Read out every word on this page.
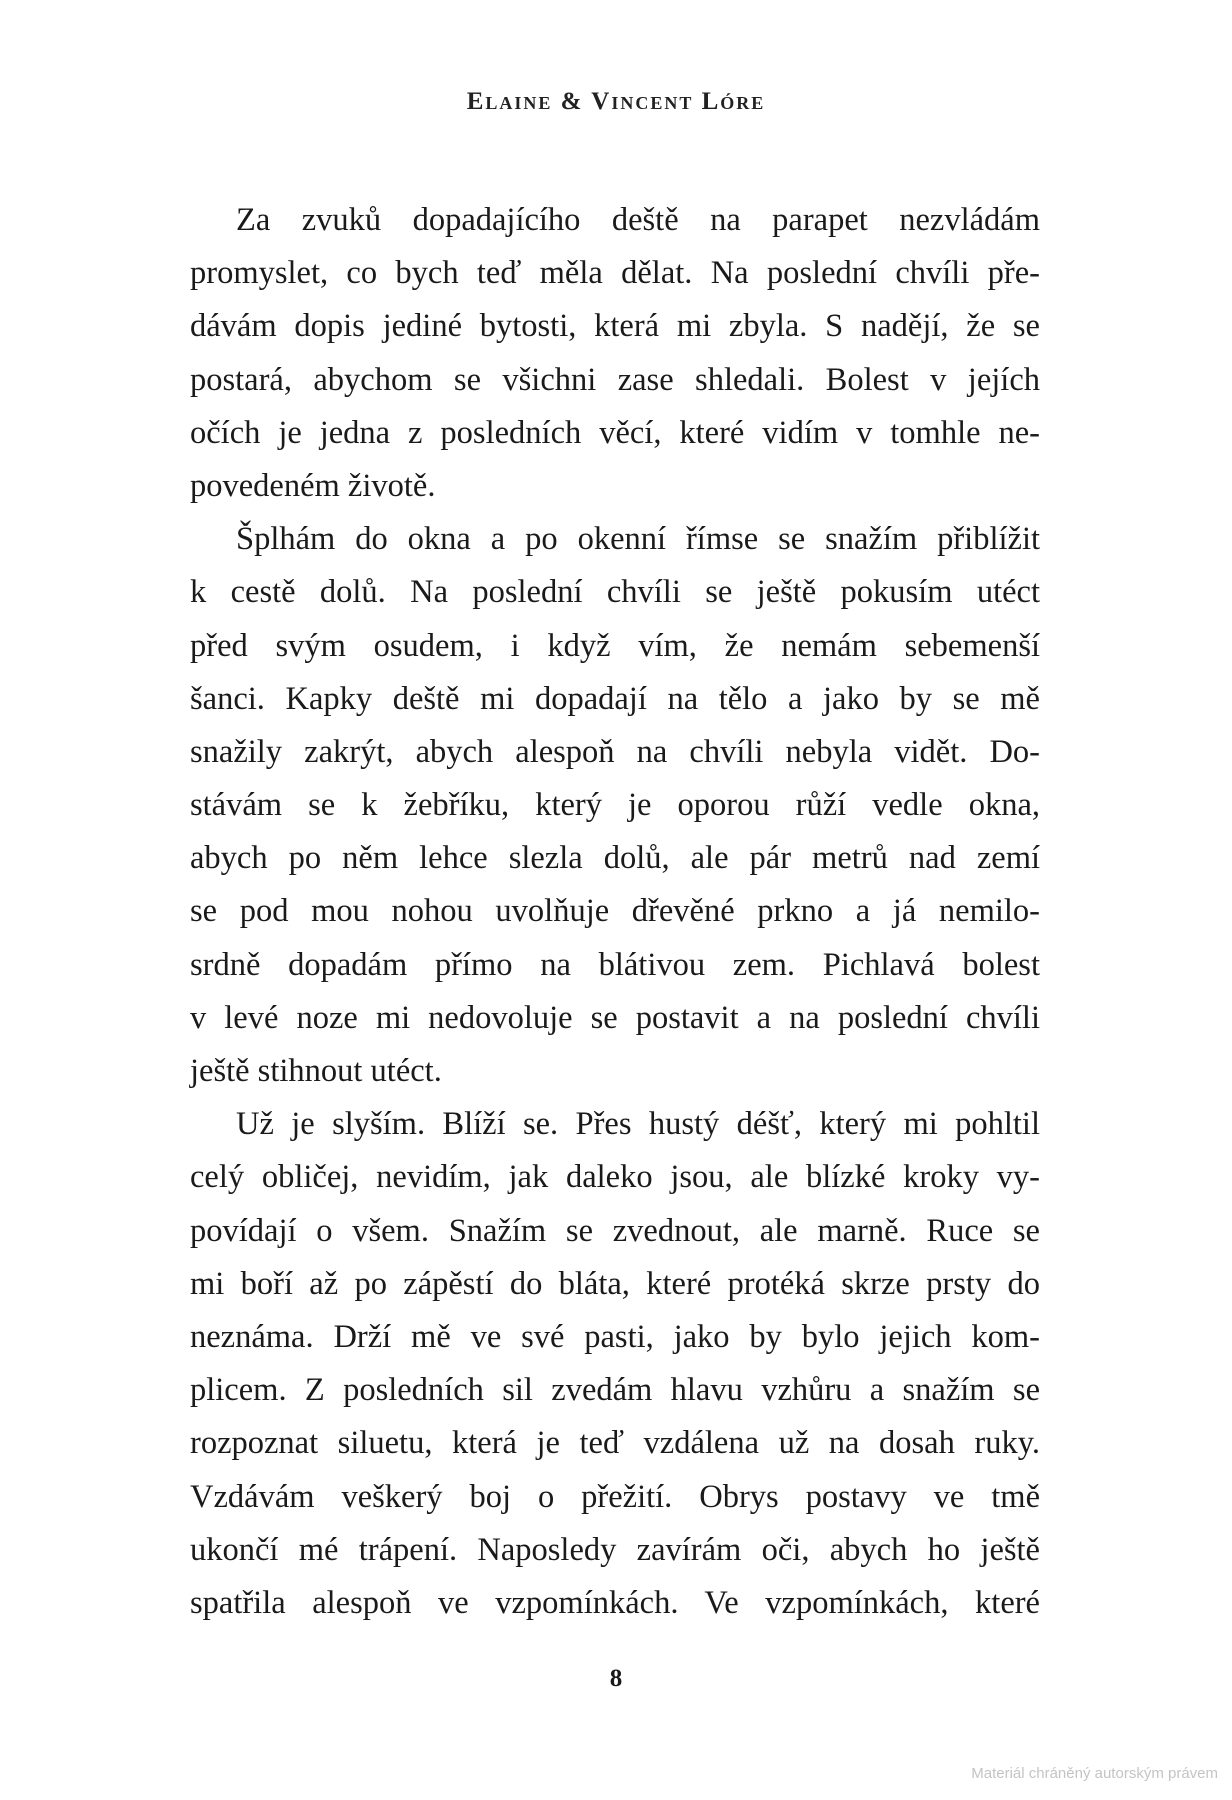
Elaine & Vincent Lóre
Za zvuků dopadajícího deště na parapet nezvládám
promyslet, co bych teď měla dělat. Na poslední chvíli pře-
dávám dopis jediné bytosti, která mi zbyla. S nadějí, že se
postará, abychom se všichni zase shledali. Bolest v jejích
očích je jedna z posledních věcí, které vidím v tomhle ne-
povedeném životě.
Šplhám do okna a po okenní římse se snažím přiblížit
k cestě dolů. Na poslední chvíli se ještě pokusím utéct
před svým osudem, i když vím, že nemám sebemenší
šanci. Kapky deště mi dopadají na tělo a jako by se mě
snažily zakrýt, abych alespoň na chvíli nebyla vidět. Do-
stávám se k žebříku, který je oporou růží vedle okna,
abych po něm lehce slezla dolů, ale pár metrů nad zemí
se pod mou nohou uvolňuje dřevěné prkno a já nemilo-
srdně dopadám přímo na blátivou zem. Pichlavá bolest
v levé noze mi nedovoluje se postavit a na poslední chvíli
ještě stihnout utéct.
Už je slyším. Blíží se. Přes hustý déšť, který mi pohltil
celý obličej, nevidím, jak daleko jsou, ale blízké kroky vy-
povídají o všem. Snažím se zvednout, ale marně. Ruce se
mi boří až po zápěstí do bláta, které protéká skrze prsty do
neznáma. Drží mě ve své pasti, jako by bylo jejich kom-
plicem. Z posledních sil zvedám hlavu vzhůru a snažím se
rozpoznat siluetu, která je teď vzdálena už na dosah ruky.
Vzdávám veškerý boj o přežití. Obrys postavy ve tmě
ukončí mé trápení. Naposledy zavírám oči, abych ho ještě
spatřila alespoň ve vzpomínkách. Ve vzpomínkách, které
8
Materiál chráněný autorským právem
